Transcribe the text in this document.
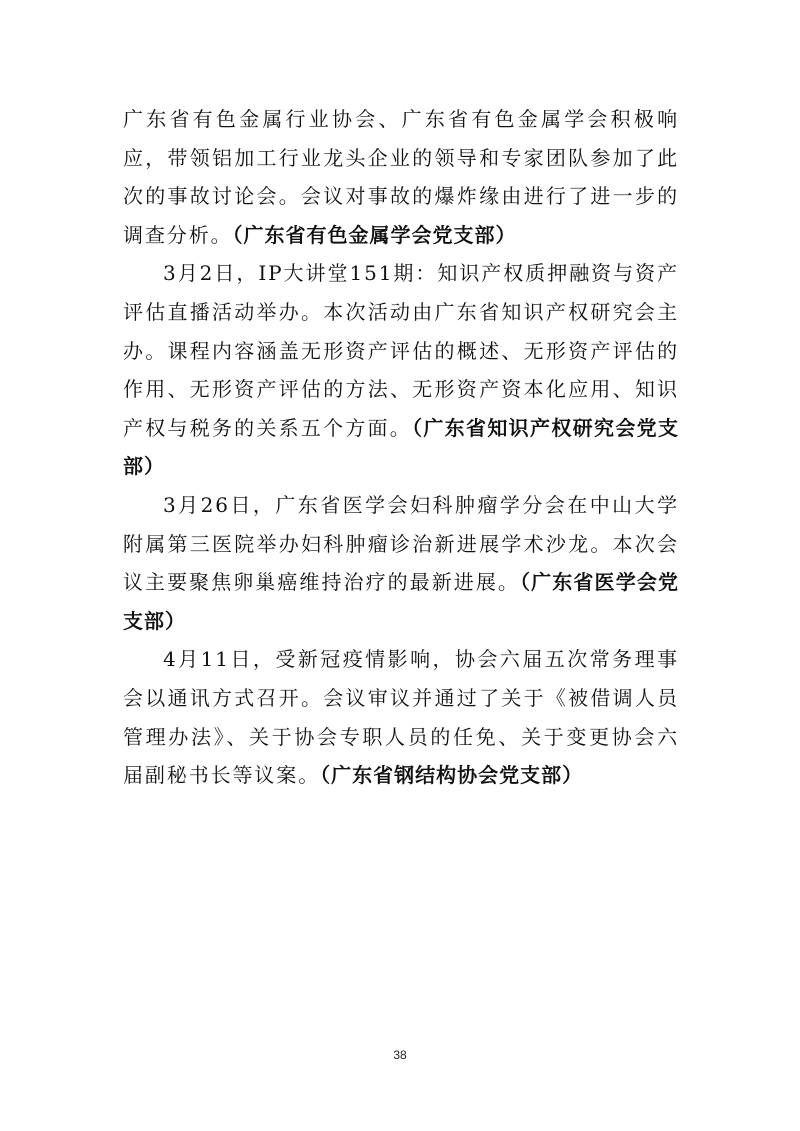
广东省有色金属行业协会、广东省有色金属学会积极响应，带领铝加工行业龙头企业的领导和专家团队参加了此次的事故讨论会。会议对事故的爆炸缘由进行了进一步的调查分析。（广东省有色金属学会党支部）

3月2日，IP大讲堂151期：知识产权质押融资与资产评估直播活动举办。本次活动由广东省知识产权研究会主办。课程内容涵盖无形资产评估的概述、无形资产评估的作用、无形资产评估的方法、无形资产资本化应用、知识产权与税务的关系五个方面。（广东省知识产权研究会党支部）

3月26日，广东省医学会妇科肿瘤学分会在中山大学附属第三医院举办妇科肿瘤诊治新进展学术沙龙。本次会议主要聚焦卵巢癌维持治疗的最新进展。（广东省医学会党支部）

4月11日，受新冠疫情影响，协会六届五次常务理事会以通讯方式召开。会议审议并通过了关于《被借调人员管理办法》、关于协会专职人员的任免、关于变更协会六届副秘书长等议案。（广东省钢结构协会党支部）

38
